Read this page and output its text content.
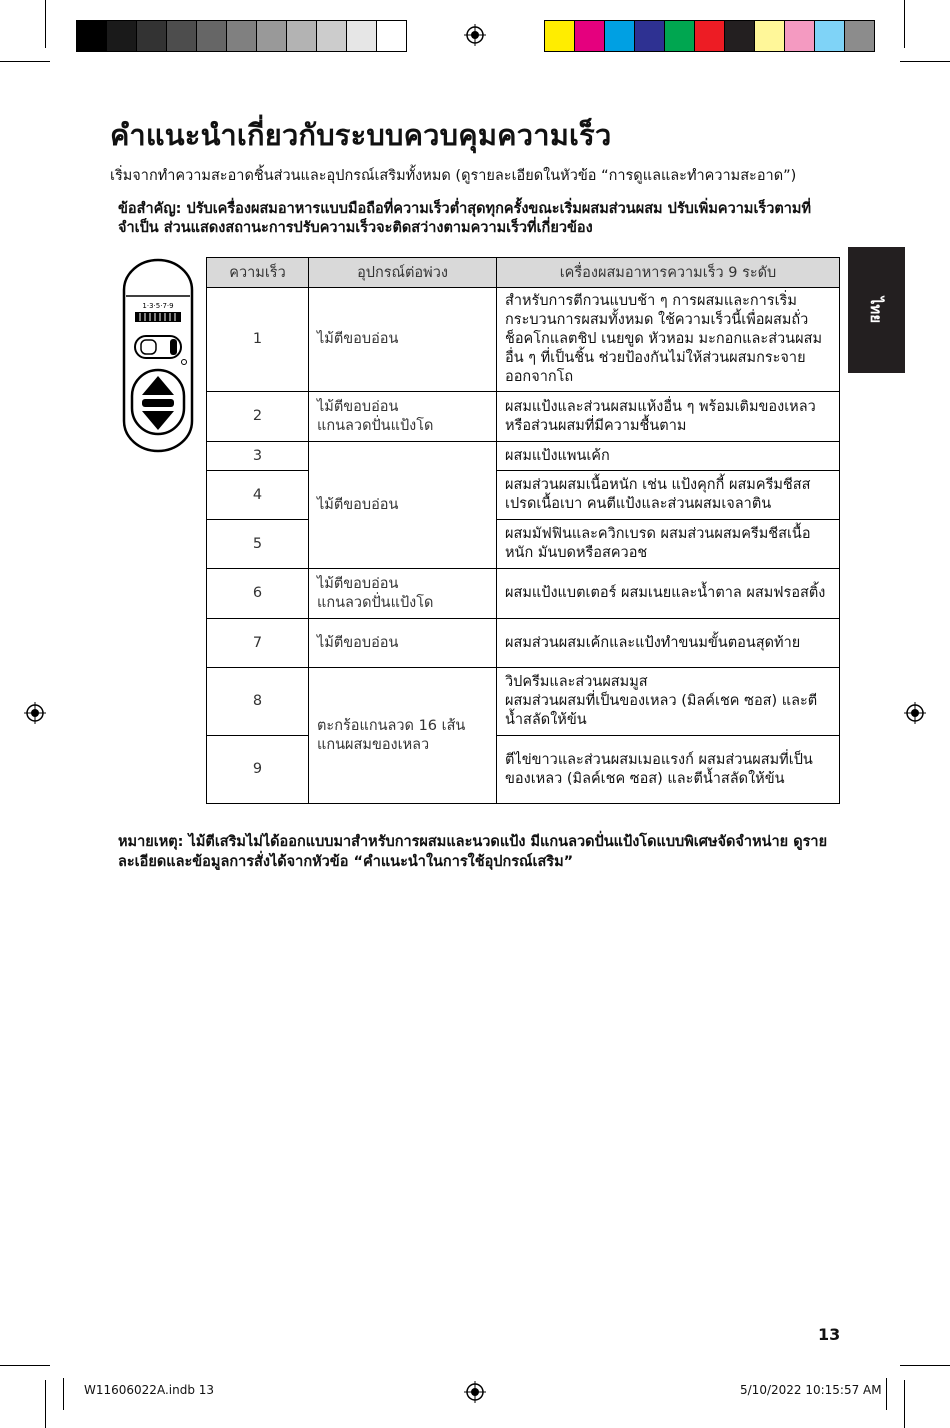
คำแนะนำเกี่ยวกับระบบควบคุมความเร็ว
เริ่มจากทำความสะอาดชิ้นส่วนและอุปกรณ์เสริมทั้งหมด (ดูรายละเอียดในหัวข้อ “การดูแลและทำความสะอาด”)
ข้อสำคัญ: ปรับเครื่องผสมอาหารแบบมือถือที่ความเร็วต่ำสุดทุกครั้งขณะเริ่มผสมส่วนผสม ปรับเพิ่มความเร็วตามที่จำเป็น ส่วนแสดงสถานะการปรับความเร็วจะติดสว่างตามความเร็วที่เกี่ยวข้อง
ไทย
1·3·5·7·9
ความเร็ว	อุปกรณ์ต่อพ่วง	เครื่องผสมอาหารความเร็ว 9 ระดับ
1	ไม้ตีขอบอ่อน	สำหรับการตีกวนแบบช้า ๆ การผสมและการเริ่มกระบวนการผสมทั้งหมด ใช้ความเร็วนี้เพื่อผสมถั่ว ช็อคโกแลตชิป เนยขูด หัวหอม มะกอกและส่วนผสมอื่น ๆ ที่เป็นชิ้น ช่วยป้องกันไม่ให้ส่วนผสมกระจายออกจากโถ
2	ไม้ตีขอบอ่อน
แกนลวดปั่นแป้งโด	ผสมแป้งและส่วนผสมแห้งอื่น ๆ พร้อมเติมของเหลวหรือส่วนผสมที่มีความชื้นตาม
3	ไม้ตีขอบอ่อน	ผสมแป้งแพนเค้ก
4		ผสมส่วนผสมเนื้อหนัก เช่น แป้งคุกกี้ ผสมครีมชีสสเปรดเนื้อเบา คนตีแป้งและส่วนผสมเจลาติน
5		ผสมมัฟฟินและควิกเบรด ผสมส่วนผสมครีมชีสเนื้อหนัก มันบดหรือสควอช
6	ไม้ตีขอบอ่อน
แกนลวดปั่นแป้งโด	ผสมแป้งแบตเตอร์ ผสมเนยและน้ำตาล ผสมฟรอสติ้ง
7	ไม้ตีขอบอ่อน	ผสมส่วนผสมเค้กและแป้งทำขนมขั้นตอนสุดท้าย
8	ตะกร้อแกนลวด 16 เส้น
แกนผสมของเหลว	วิปครีมและส่วนผสมมูส
ผสมส่วนผสมที่เป็นของเหลว (มิลค์เชค ซอส) และตีน้ำสลัดให้ข้น
9		ตีไข่ขาวและส่วนผสมเมอแรงก์ ผสมส่วนผสมที่เป็นของเหลว (มิลค์เชค ซอส) และตีน้ำสลัดให้ข้น
หมายเหตุ: ไม้ตีเสริมไม่ได้ออกแบบมาสำหรับการผสมและนวดแป้ง มีแกนลวดปั่นแป้งโดแบบพิเศษจัดจำหน่าย ดูรายละเอียดและข้อมูลการสั่งได้จากหัวข้อ “คำแนะนำในการใช้อุปกรณ์เสริม”
13
W11606022A.indb 13	5/10/2022 10:15:57 AM
